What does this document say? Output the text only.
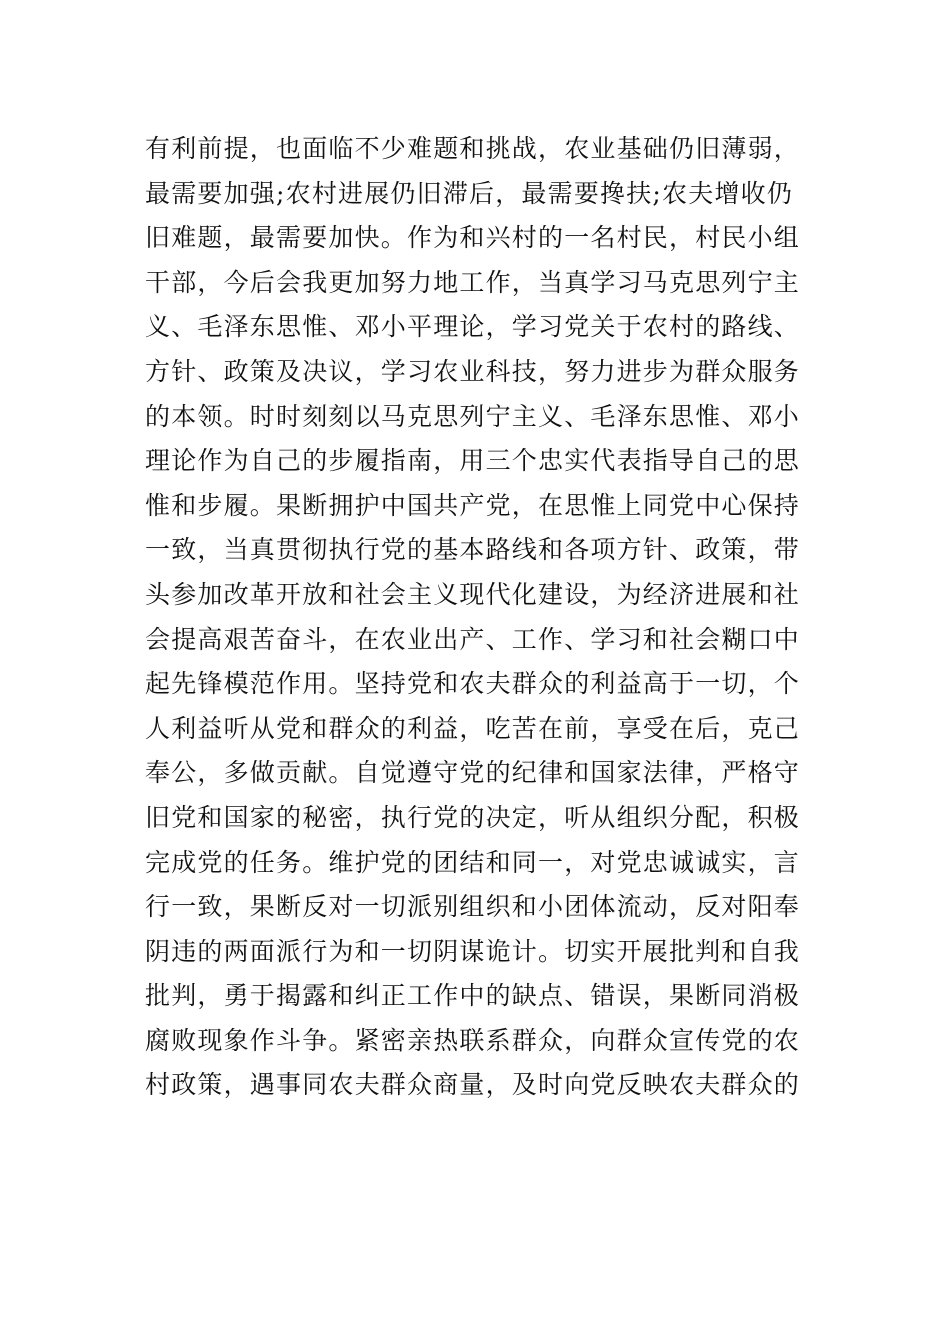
有利前提，也面临不少难题和挑战，农业基础仍旧薄弱，
最需要加强;农村进展仍旧滞后，最需要搀扶;农夫增收仍
旧难题，最需要加快。作为和兴村的一名村民，村民小组
干部，今后会我更加努力地工作，当真学习马克思列宁主
义、毛泽东思惟、邓小平理论，学习党关于农村的路线、
方针、政策及决议，学习农业科技，努力进步为群众服务
的本领。时时刻刻以马克思列宁主义、毛泽东思惟、邓小
理论作为自己的步履指南，用三个忠实代表指导自己的思
惟和步履。果断拥护中国共产党，在思惟上同党中心保持
一致，当真贯彻执行党的基本路线和各项方针、政策，带
头参加改革开放和社会主义现代化建设，为经济进展和社
会提高艰苦奋斗，在农业出产、工作、学习和社会糊口中
起先锋模范作用。坚持党和农夫群众的利益高于一切，个
人利益听从党和群众的利益，吃苦在前，享受在后，克己
奉公，多做贡献。自觉遵守党的纪律和国家法律，严格守
旧党和国家的秘密，执行党的决定，听从组织分配，积极
完成党的任务。维护党的团结和同一，对党忠诚诚实，言
行一致，果断反对一切派别组织和小团体流动，反对阳奉
阴违的两面派行为和一切阴谋诡计。切实开展批判和自我
批判，勇于揭露和纠正工作中的缺点、错误，果断同消极
腐败现象作斗争。紧密亲热联系群众，向群众宣传党的农
村政策，遇事同农夫群众商量，及时向党反映农夫群众的
